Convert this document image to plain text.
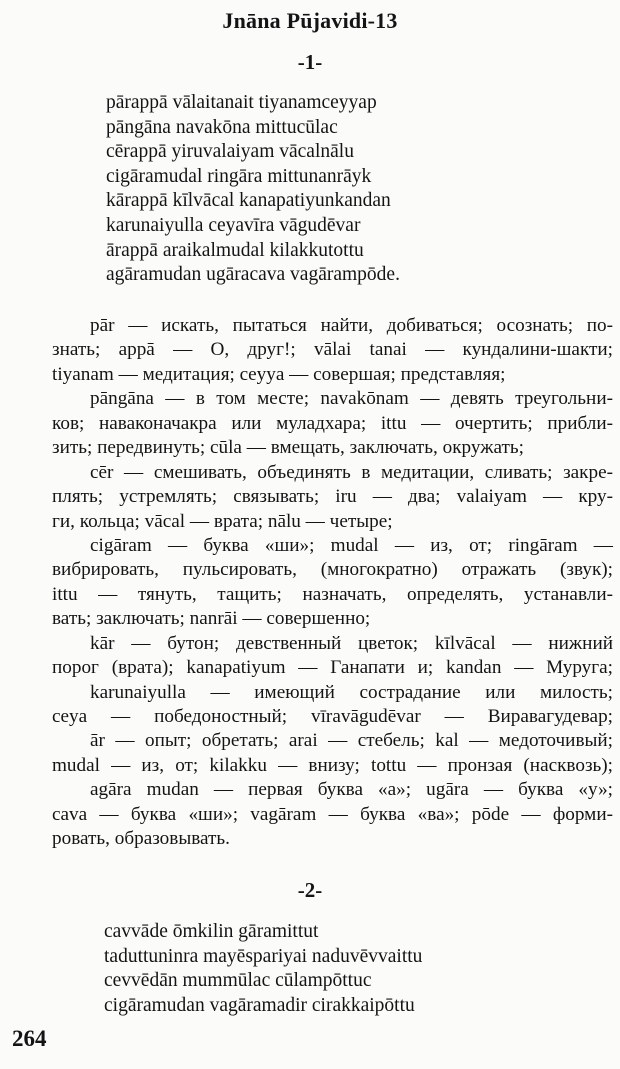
Jnāna Pūjavidi-13
-1-
pārappā vālaitanait tiyanamceyyap
pāngāna navakōna mittucūlac
cērappā yiruvalaiyam vācalnālu
cigāramudal ringāra mittunanrāyk
kārappā kīlvācal kanapatiyunkandan
karunaiyulla ceyavīra vāgudēvar
ārappā araikalmudal kilakkutottu
agāramudan ugāracava vagārampōde.
pār — искать, пытаться найти, добиваться; осознать; по-
знать; appā — О, друг!; vālai tanai — кундалини-шакти;
tiyanam — медитация; ceyya — совершая; представляя;
pāngāna — в том месте; navakōnam — девять треугольни-
ков; наваконачакра или муладхара; ittu — очертить; прибли-
зить; передвинуть; cūla — вмещать, заключать, окружать;
cēr — смешивать, объединять в медитации, сливать; закре-
плять; устремлять; связывать; iru — два; valaiyam — кру-
ги, кольца; vācal — врата; nālu — четыре;
cigāram — буква «ши»; mudal — из, от; ringāram —
вибрировать, пульсировать, (многократно) отражать (звук);
ittu — тянуть, тащить; назначать, определять, устанавли-
вать; заключать; nanrāi — совершенно;
kār — бутон; девственный цветок; kīlvācal — нижний
порог (врата); kanapatiyum — Ганапати и; kandan — Муруга;
karunaiyulla — имеющий сострадание или милость;
ceya — победоностный; vīravāgudēvar — Виравагудевар;
ār — опыт; обретать; arai — стебель; kal — медоточивый;
mudal — из, от; kilakku — внизу; tottu — пронзая (насквозь);
agāra mudan — первая буква «а»; ugāra — буква «у»;
cava — буква «ши»; vagāram — буква «ва»; pōde — форми-
ровать, образовывать.
-2-
cavvāde ōmkilin gāramittut
taduttuninra mayēspariyai naduvēvvaittu
cevvēdān mummūlac cūlampōttuc
cigāramudan vagāramadir cirakkaipōttu
264
